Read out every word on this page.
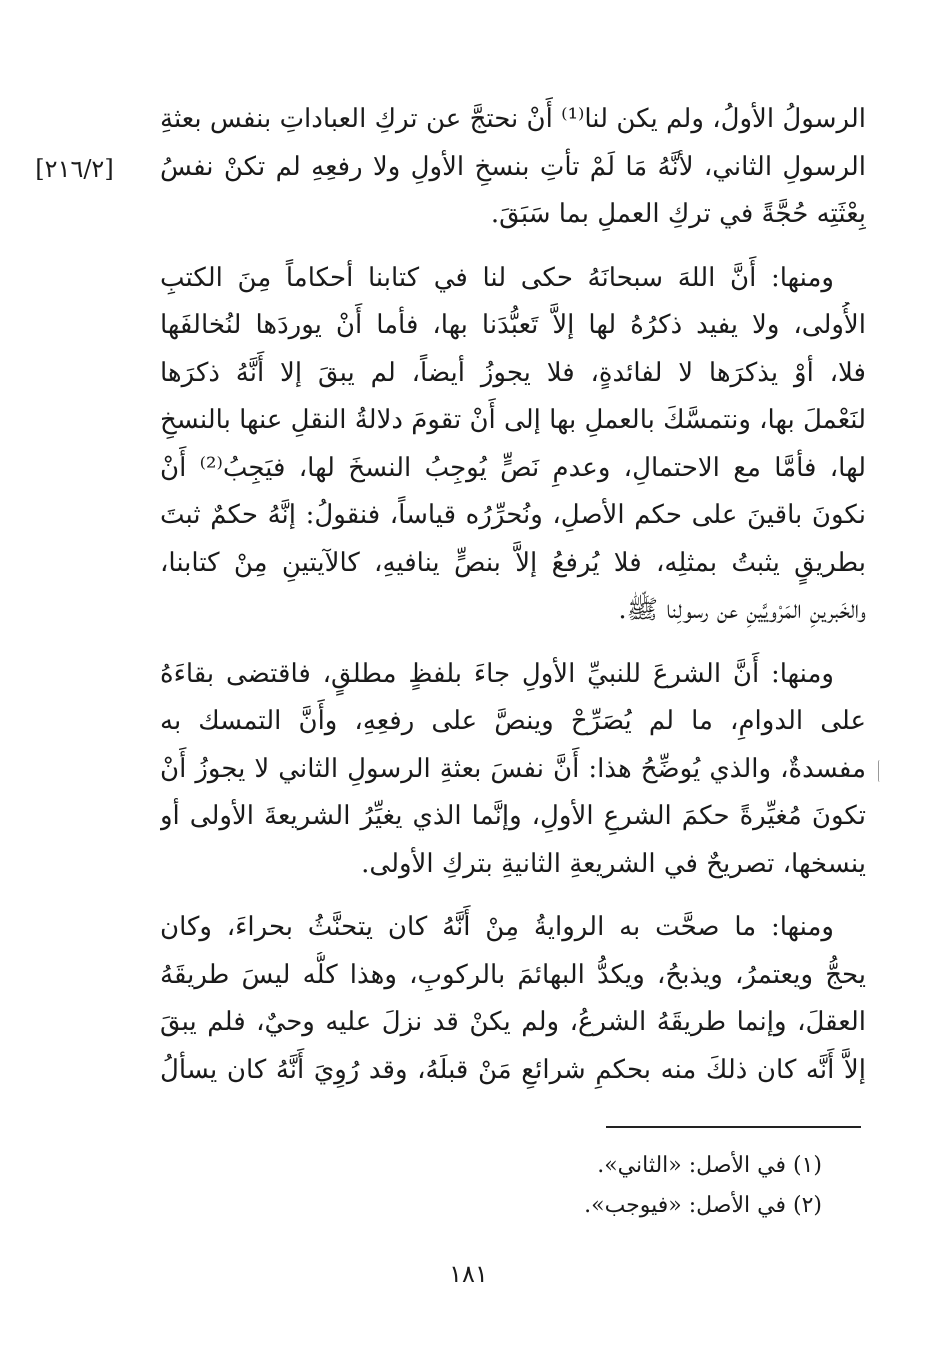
[٢١٦/٢]
الرسولُ الأولُ، ولم يكن لنا⁽¹⁾ أَنْ نحتجَّ عن تركِ العباداتِ بنفس بعثةِ
الرسولِ الثاني، لأنَّهُ مَا لَمْ تأتِ بنسخِ الأولِ ولا رفعِهِ لم تكنْ نفسُ
بِعْثَتِه حُجَّةً في تركِ العملِ بما سَبَقَ.
ومنها: أَنَّ اللهَ سبحانَهُ حكى لنا في كتابنا أحكاماً مِنَ الكتبِ
الأُولى، ولا يفيد ذكرُهُ لها إلاَّ تَعبُّدَنا بها، فأما أَنْ يوردَها لنُخالفَها
فلا، أوْ يذكرَها لا لفائدةٍ، فلا يجوزُ أيضاً، لم يبقَ إلا أَنَّهُ ذكرَها
لنَعْملَ بها، ونتمسَّكَ بالعملِ بها إلى أَنْ تقومَ دلالةُ النقلِ عنها بالنسخِ
لها، فأمَّا مع الاحتمالِ، وعدمِ نَصٍّ يُوجِبُ النسخَ لها، فيَجِبُ⁽²⁾ أَنْ
نكونَ باقينَ على حكم الأصلِ، ونُحرِّرُه قياساً، فنقولُ: إنَّهُ حكمٌ ثبتَ
بطريقٍ يثبتُ بمثلِه، فلا يُرفعُ إلاَّ بنصٍّ ينافيهِ، كالآيتينِ مِنْ كتابنا،
والخَبرينِ المَرْويَّينِ عن رسولِنا ﷺ.
ومنها: أَنَّ الشرعَ للنبيِّ الأولِ جاءَ بلفظٍ مطلقٍ، فاقتضى بقاءَهُ
على الدوامِ، ما لم يُصَرِّحْ وينصَّ على رفعِهِ، وأَنَّ التمسك به
مفسدةٌ، والذي يُوضِّحُ هذا: أَنَّ نفسَ بعثةِ الرسولِ الثاني لا يجوزُ أَنْ
تكونَ مُغيِّرةً حكمَ الشرعِ الأولِ، وإنَّما الذي يغيِّرُ الشريعةَ الأولى أو
ينسخها، تصريحٌ في الشريعةِ الثانيةِ بتركِ الأولى.
ومنها: ما صحَّت به الروايةُ مِنْ أَنَّهُ كان يتحنَّثُ بحراءَ، وكان
يحجُّ ويعتمرُ، ويذبحُ، ويكدُّ البهائمَ بالركوبِ، وهذا كلُّه ليسَ طريقَهُ
العقلَ، وإنما طريقَهُ الشرعُ، ولم يكنْ قد نزلَ عليه وحيٌ، فلم يبقَ
إلاَّ أَنَّه كان ذلكَ منه بحكمِ شرائعِ مَنْ قبلَهُ، وقد رُوِيَ أَنَّهُ كان يسألُ
(١) في الأصل: «الثاني».
(٢) في الأصل: «فيوجب».
١٨١
